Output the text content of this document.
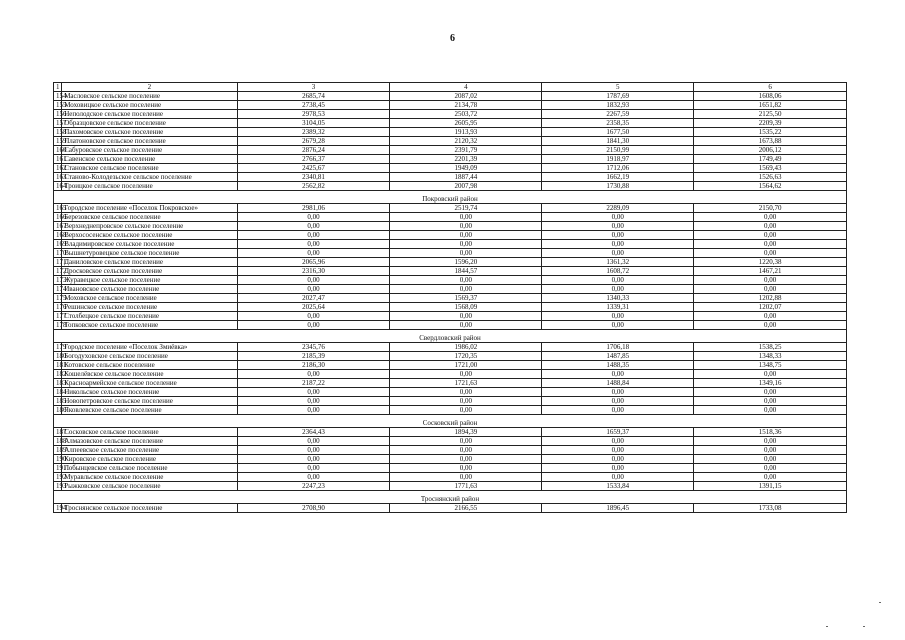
6
1	2	3	4	5	6
154	Масловское сельское поселение	2685,74	2087,02	1787,69	1608,06
155	Моховицкое сельское поселение	2738,45	2134,78	1832,93	1651,82
156	Неполодское сельское поселение	2978,53	2503,72	2267,59	2125,50
157	Образцовское сельское поселение	3104,05	2605,95	2358,35	2209,39
158	Пахомовское сельское поселение	2389,32	1913,93	1677,50	1535,22
159	Платоновское сельское поселение	2679,28	2120,32	1841,30	1673,88
160	Сабуровское сельское поселение	2876,24	2391,79	2150,99	2006,12
161	Савенское сельское поселение	2766,37	2201,39	1918,97	1749,49
162	Становское сельское поселение	2425,67	1949,09	1712,06	1569,43
163	Станово-Колодезьское сельское поселение	2340,81	1887,44	1662,19	1526,63
164	Троицкое сельское поселение	2562,82	2007,98	1730,88	1564,62
Покровский район					
165	Городское поселение «Поселок Покровское»	2981,06	2519,74	2289,09	2150,70
166	Березовское сельское поселение	0,00	0,00	0,00	0,00
167	Верхнеднепровское сельское поселение	0,00	0,00	0,00	0,00
168	Верхососенское сельское поселение	0,00	0,00	0,00	0,00
169	Владимировское сельское поселение	0,00	0,00	0,00	0,00
170	Вышнетуровецкое сельское поселение	0,00	0,00	0,00	0,00
171	Даниловское сельское поселение	2065,96	1596,20	1361,32	1220,38
172	Дросковское сельское поселение	2316,30	1844,57	1608,72	1467,21
173	Журавецкое сельское поселение	0,00	0,00	0,00	0,00
174	Ивановское сельское поселение	0,00	0,00	0,00	0,00
175	Моховское сельское поселение	2027,47	1569,37	1340,33	1202,88
176	Решинское сельское поселение	2025,64	1568,09	1339,31	1202,07
177	Столбецкое сельское поселение	0,00	0,00	0,00	0,00
178	Топковское сельское поселение	0,00	0,00	0,00	0,00
Свердловский район					
179	Городское поселение «Поселок Змиёвка»	2345,76	1986,02	1706,18	1538,25
180	Богодуховское сельское поселение	2185,39	1720,35	1487,85	1348,33
181	Котовское сельское поселение	2186,30	1721,00	1488,35	1348,75
182	Кошелёвское сельское поселение	0,00	0,00	0,00	0,00
183	Красноармейское сельское поселение	2187,22	1721,63	1488,84	1349,16
184	Никольское сельское поселение	0,00	0,00	0,00	0,00
185	Новопетровское сельское поселение	0,00	0,00	0,00	0,00
186	Яковлевское сельское поселение	0,00	0,00	0,00	0,00
Сосковский район					
187	Сосковское сельское поселение	2364,43	1894,39	1659,37	1518,36
188	Алмазовское сельское поселение	0,00	0,00	0,00	0,00
189	Алпеевское сельское поселение	0,00	0,00	0,00	0,00
190	Кировское сельское поселение	0,00	0,00	0,00	0,00
191	Лобынцевское сельское поселение	0,00	0,00	0,00	0,00
192	Муравльское сельское поселение	0,00	0,00	0,00	0,00
193	Рыжковское сельское поселение	2247,23	1771,63	1533,84	1391,15
Троснянский район					
194	Троснянское сельское поселение	2708,90	2166,55	1896,45	1733,08
